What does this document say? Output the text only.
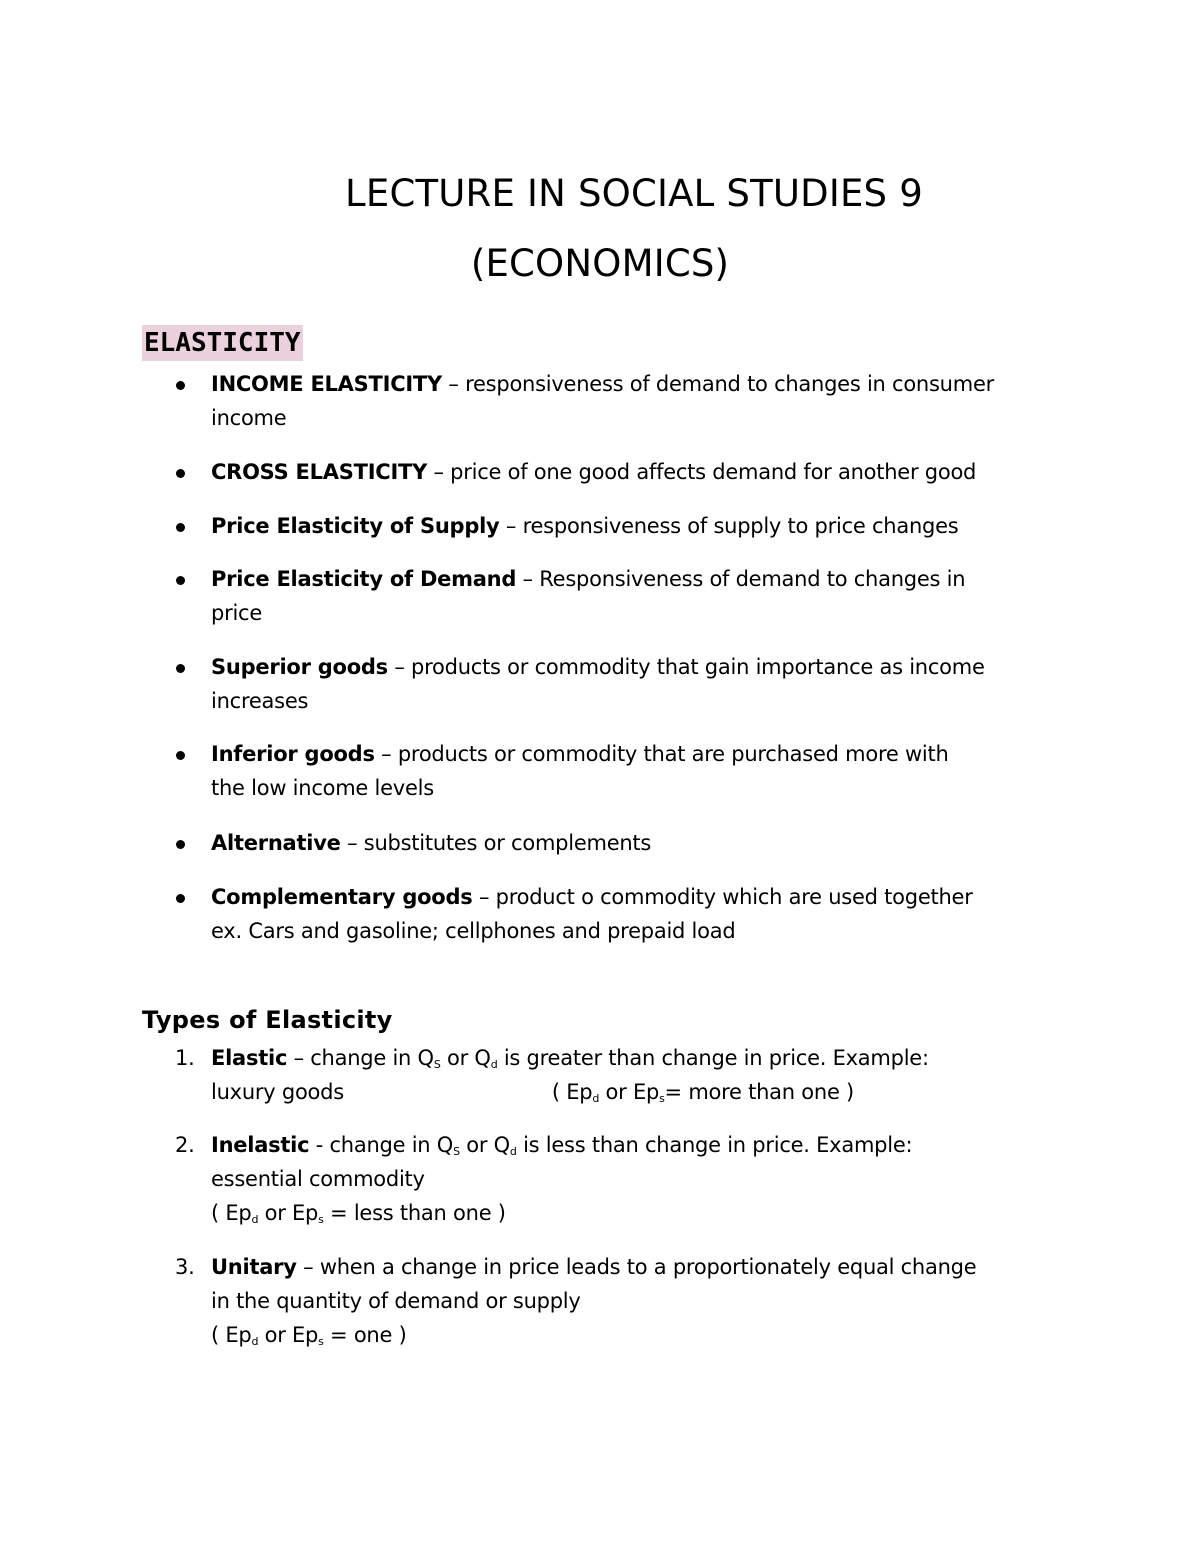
LECTURE IN SOCIAL STUDIES 9
(ECONOMICS)
ELASTICITY
INCOME ELASTICITY – responsiveness of demand to changes in consumer
income
CROSS ELASTICITY – price of one good affects demand for another good
Price Elasticity of Supply – responsiveness of supply to price changes
Price Elasticity of Demand – Responsiveness of demand to changes in
price
Superior goods – products or commodity that gain importance as income
increases
Inferior goods – products or commodity that are purchased more with
the low income levels
Alternative – substitutes or complements
Complementary goods – product o commodity which are used together
ex. Cars and gasoline; cellphones and prepaid load
Types of Elasticity
1. Elastic – change in $Q_S$ or $Q_d$ is greater than change in price. Example:
luxury goods	( $Ep_d$ or $Ep_s=$ more than one )
2. Inelastic - change in $Q_S$ or $Q_d$ is less than change in price. Example:
essential commodity
( $Ep_d$ or $Ep_s$ = less than one )
3. Unitary – when a change in price leads to a proportionately equal change
in the quantity of demand or supply
( $Ep_d$ or $Ep_s$ = one )
